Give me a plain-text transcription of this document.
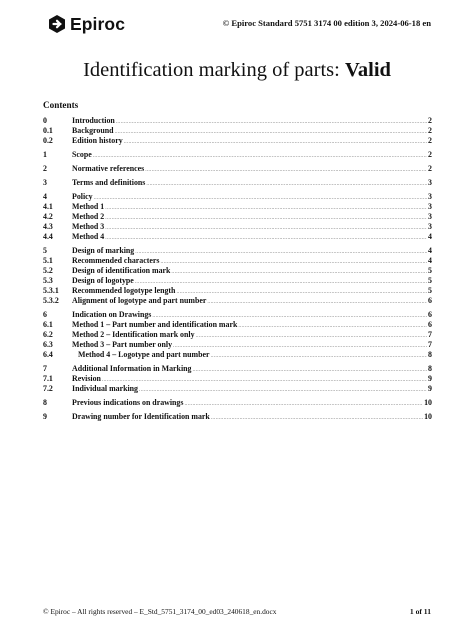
Epiroc	© Epiroc Standard 5751 3174 00 edition 3, 2024-06-18 en
Identification marking of parts: Valid
Contents
0	Introduction .....	2
0.1	Background .....	2
0.2	Edition history .....	2
1	Scope .....	2
2	Normative references .....	2
3	Terms and definitions .....	3
4	Policy .....	3
4.1	Method 1 .....	3
4.2	Method 2 .....	3
4.3	Method 3 .....	3
4.4	Method 4 .....	4
5	Design of marking .....	4
5.1	Recommended characters .....	4
5.2	Design of identification mark .....	5
5.3	Design of logotype .....	5
5.3.1	Recommended logotype length .....	5
5.3.2	Alignment of logotype and part number .....	6
6	Indication on Drawings .....	6
6.1	Method 1 – Part number and identification mark .....	6
6.2	Method 2 – Identification mark only .....	7
6.3	Method 3 – Part number only .....	7
6.4	Method 4 – Logotype and part number .....	8
7	Additional Information in Marking .....	8
7.1	Revision .....	9
7.2	Individual marking .....	9
8	Previous indications on drawings .....	10
9	Drawing number for Identification mark .....	10
© Epiroc – All rights reserved – E_Std_5751_3174_00_ed03_240618_en.docx	1 of 11
